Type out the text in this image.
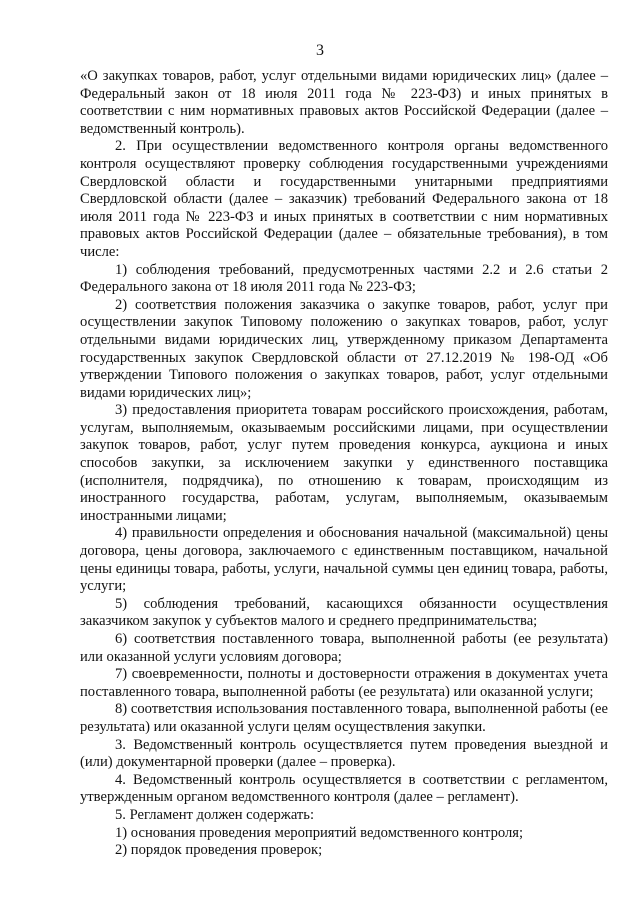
3

«О закупках товаров, работ, услуг отдельными видами юридических лиц» (далее – Федеральный закон от 18 июля 2011 года № 223-ФЗ) и иных принятых в соответствии с ним нормативных правовых актов Российской Федерации (далее – ведомственный контроль).

2. При осуществлении ведомственного контроля органы ведомственного контроля осуществляют проверку соблюдения государственными учреждениями Свердловской области и государственными унитарными предприятиями Свердловской области (далее – заказчик) требований Федерального закона от 18 июля 2011 года № 223-ФЗ и иных принятых в соответствии с ним нормативных правовых актов Российской Федерации (далее – обязательные требования), в том числе:

1) соблюдения требований, предусмотренных частями 2.2 и 2.6 статьи 2 Федерального закона от 18 июля 2011 года № 223-ФЗ;

2) соответствия положения заказчика о закупке товаров, работ, услуг при осуществлении закупок Типовому положению о закупках товаров, работ, услуг отдельными видами юридических лиц, утвержденному приказом Департамента государственных закупок Свердловской области от 27.12.2019 № 198-ОД «Об утверждении Типового положения о закупках товаров, работ, услуг отдельными видами юридических лиц»;

3) предоставления приоритета товарам российского происхождения, работам, услугам, выполняемым, оказываемым российскими лицами, при осуществлении закупок товаров, работ, услуг путем проведения конкурса, аукциона и иных способов закупки, за исключением закупки у единственного поставщика (исполнителя, подрядчика), по отношению к товарам, происходящим из иностранного государства, работам, услугам, выполняемым, оказываемым иностранными лицами;

4) правильности определения и обоснования начальной (максимальной) цены договора, цены договора, заключаемого с единственным поставщиком, начальной цены единицы товара, работы, услуги, начальной суммы цен единиц товара, работы, услуги;

5) соблюдения требований, касающихся обязанности осуществления заказчиком закупок у субъектов малого и среднего предпринимательства;

6) соответствия поставленного товара, выполненной работы (ее результата) или оказанной услуги условиям договора;

7) своевременности, полноты и достоверности отражения в документах учета поставленного товара, выполненной работы (ее результата) или оказанной услуги;

8) соответствия использования поставленного товара, выполненной работы (ее результата) или оказанной услуги целям осуществления закупки.

3. Ведомственный контроль осуществляется путем проведения выездной и (или) документарной проверки (далее – проверка).

4. Ведомственный контроль осуществляется в соответствии с регламентом, утвержденным органом ведомственного контроля (далее – регламент).

5. Регламент должен содержать:

1) основания проведения мероприятий ведомственного контроля;

2) порядок проведения проверок;
